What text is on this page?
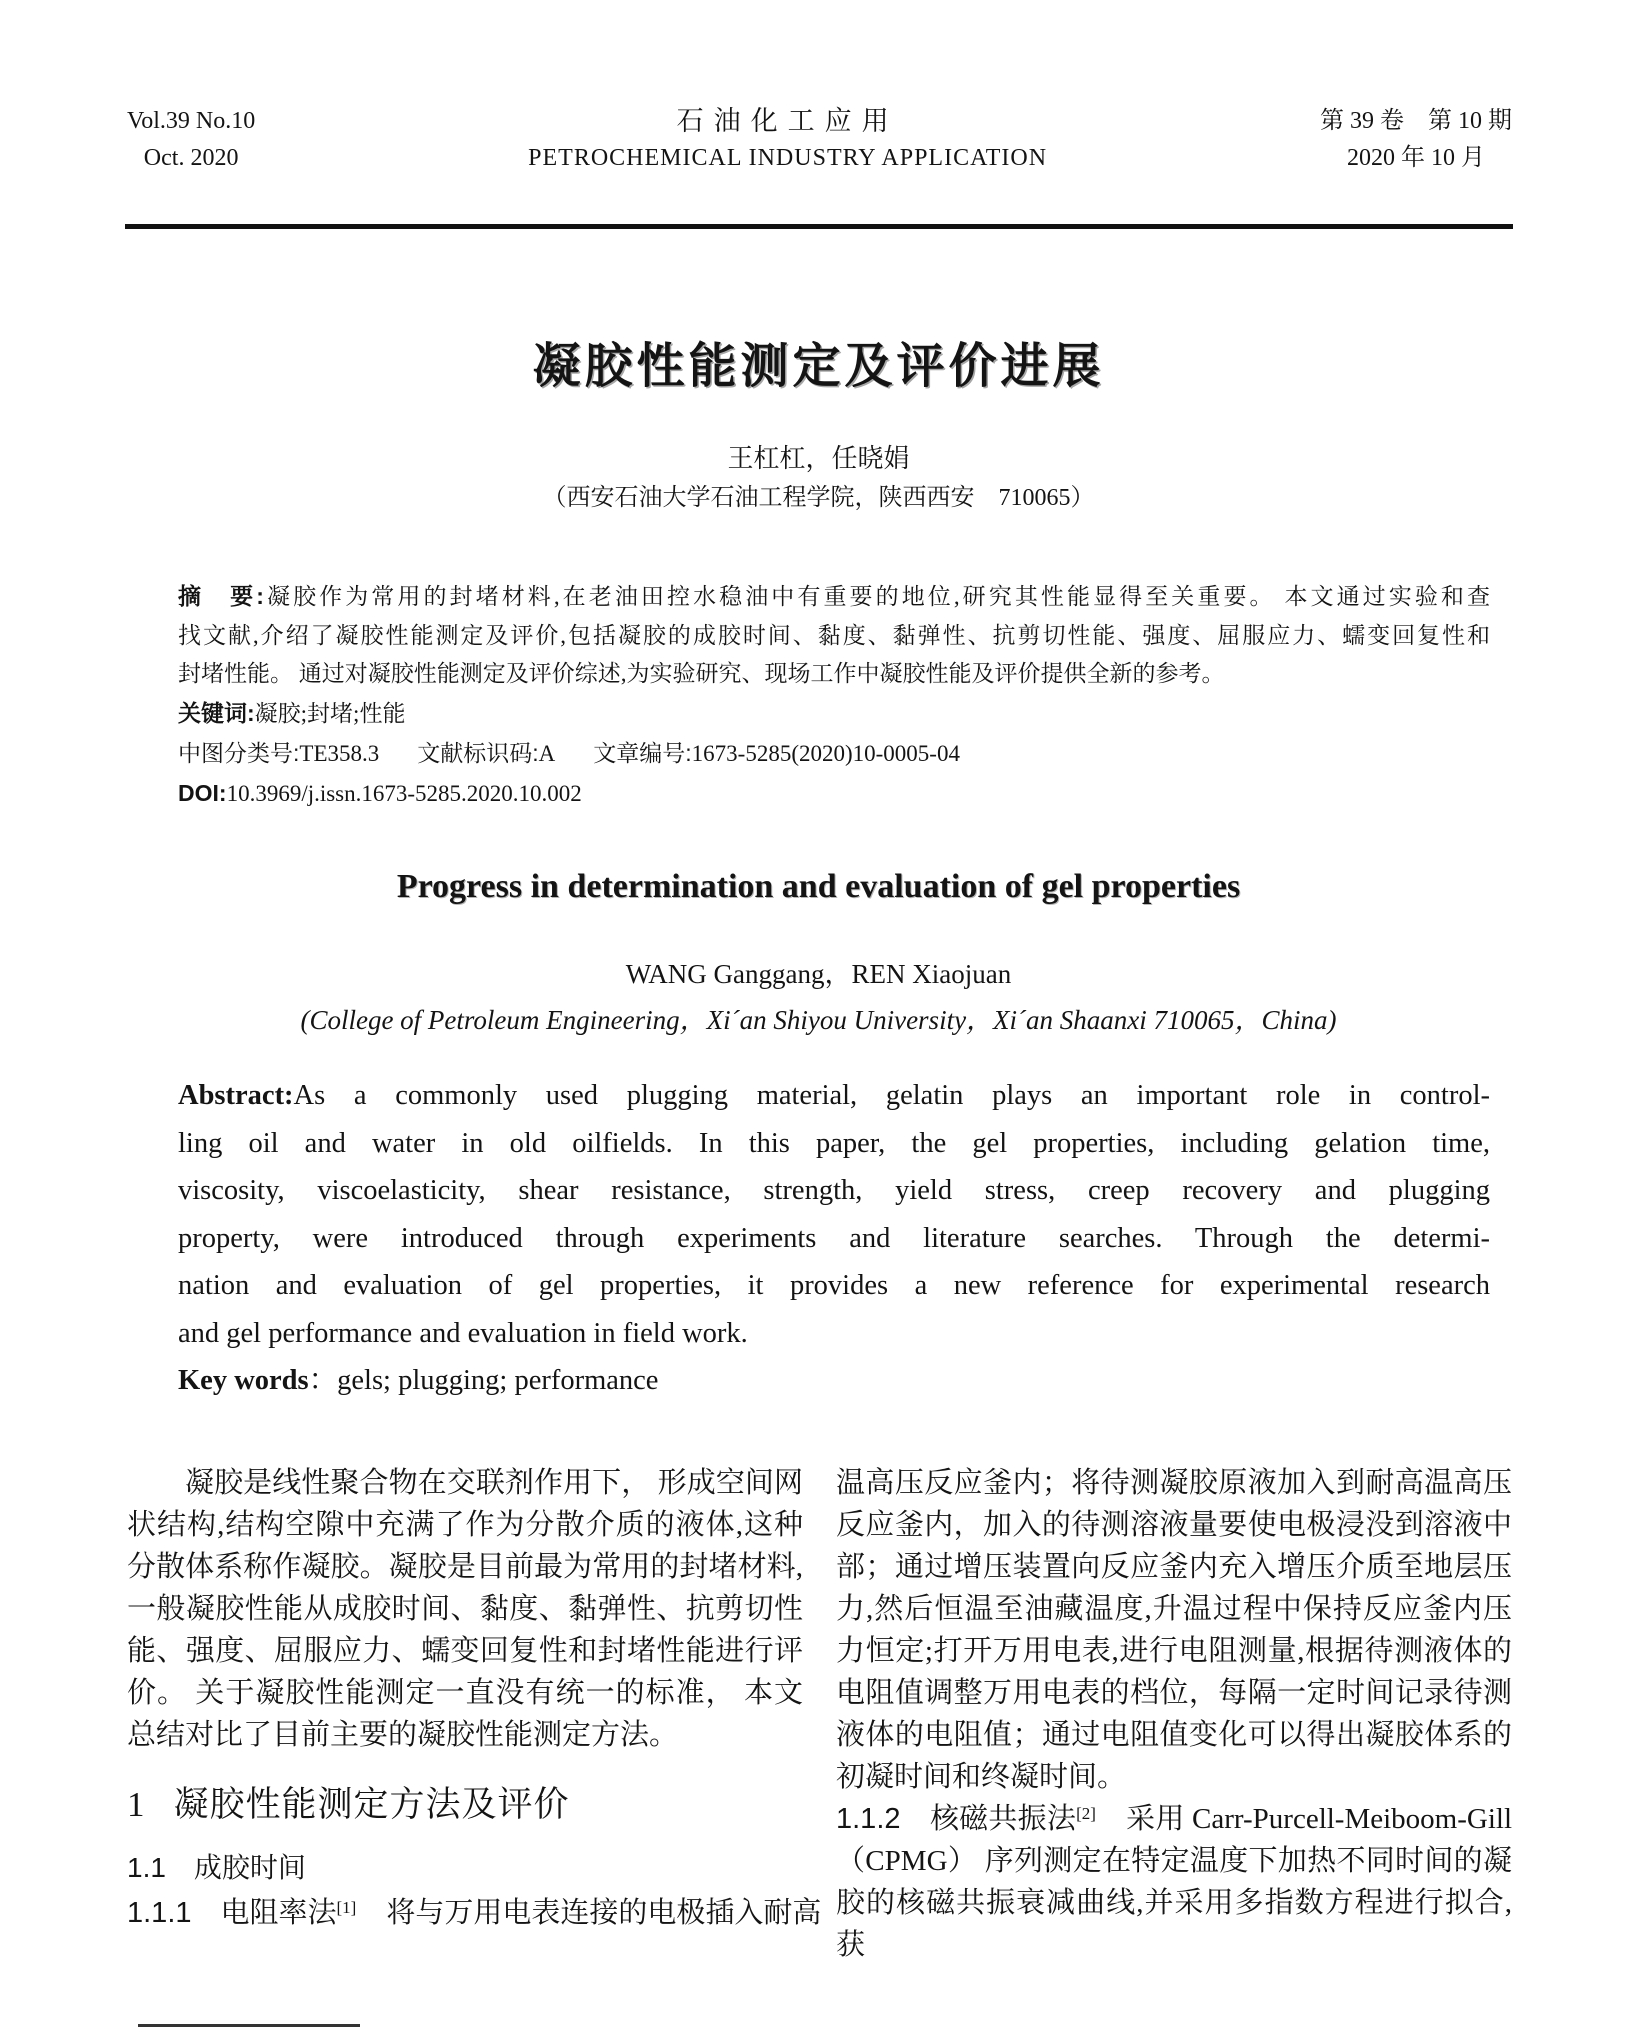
Vol.39 No.10
Oct. 2020
石油化工应用
PETROCHEMICAL INDUSTRY APPLICATION
第 39 卷　第 10 期
2020 年 10 月
凝胶性能测定及评价进展
王杠杠，任晓娟
（西安石油大学石油工程学院，陕西西安　710065）
摘　要:凝胶作为常用的封堵材料,在老油田控水稳油中有重要的地位,研究其性能显得至关重要。 本文通过实验和查
找文献,介绍了凝胶性能测定及评价,包括凝胶的成胶时间、黏度、黏弹性、抗剪切性能、强度、屈服应力、蠕变回复性和
封堵性能。 通过对凝胶性能测定及评价综述,为实验研究、现场工作中凝胶性能及评价提供全新的参考。
关键词:凝胶;封堵;性能
中图分类号:TE358.3 文献标识码:A 文章编号:1673-5285(2020)10-0005-04
DOI:10.3969/j.issn.1673-5285.2020.10.002
Progress in determination and evaluation of gel properties
WANG Ganggang，REN Xiaojuan
(College of Petroleum Engineering，Xi´an Shiyou University，Xi´an Shaanxi 710065，China)
Abstract:As a commonly used plugging material, gelatin plays an important role in control-
ling oil and water in old oilfields. In this paper, the gel properties, including gelation time,
viscosity, viscoelasticity, shear resistance, strength, yield stress, creep recovery and plugging
property, were introduced through experiments and literature searches. Through the determi-
nation and evaluation of gel properties, it provides a new reference for experimental research
and gel performance and evaluation in field work.
Key words：gels; plugging; performance
凝胶是线性聚合物在交联剂作用下， 形成空间网状结构,结构空隙中充满了作为分散介质的液体,这种分散体系称作凝胶。凝胶是目前最为常用的封堵材料,一般凝胶性能从成胶时间、黏度、黏弹性、抗剪切性能、强度、屈服应力、蠕变回复性和封堵性能进行评价。 关于凝胶性能测定一直没有统一的标准， 本文总结对比了目前主要的凝胶性能测定方法。
1 凝胶性能测定方法及评价
1.1　成胶时间
1.1.1　电阻率法[1] 将与万用电表连接的电极插入耐高
温高压反应釜内；将待测凝胶原液加入到耐高温高压反应釜内，加入的待测溶液量要使电极浸没到溶液中部；通过增压装置向反应釜内充入增压介质至地层压力,然后恒温至油藏温度,升温过程中保持反应釜内压力恒定;打开万用电表,进行电阻测量,根据待测液体的电阻值调整万用电表的档位，每隔一定时间记录待测液体的电阻值；通过电阻值变化可以得出凝胶体系的初凝时间和终凝时间。
1.1.2　核磁共振法[2] 采用 Carr-Purcell-Meiboom-Gill（CPMG） 序列测定在特定温度下加热不同时间的凝胶的核磁共振衰减曲线,并采用多指数方程进行拟合,获
